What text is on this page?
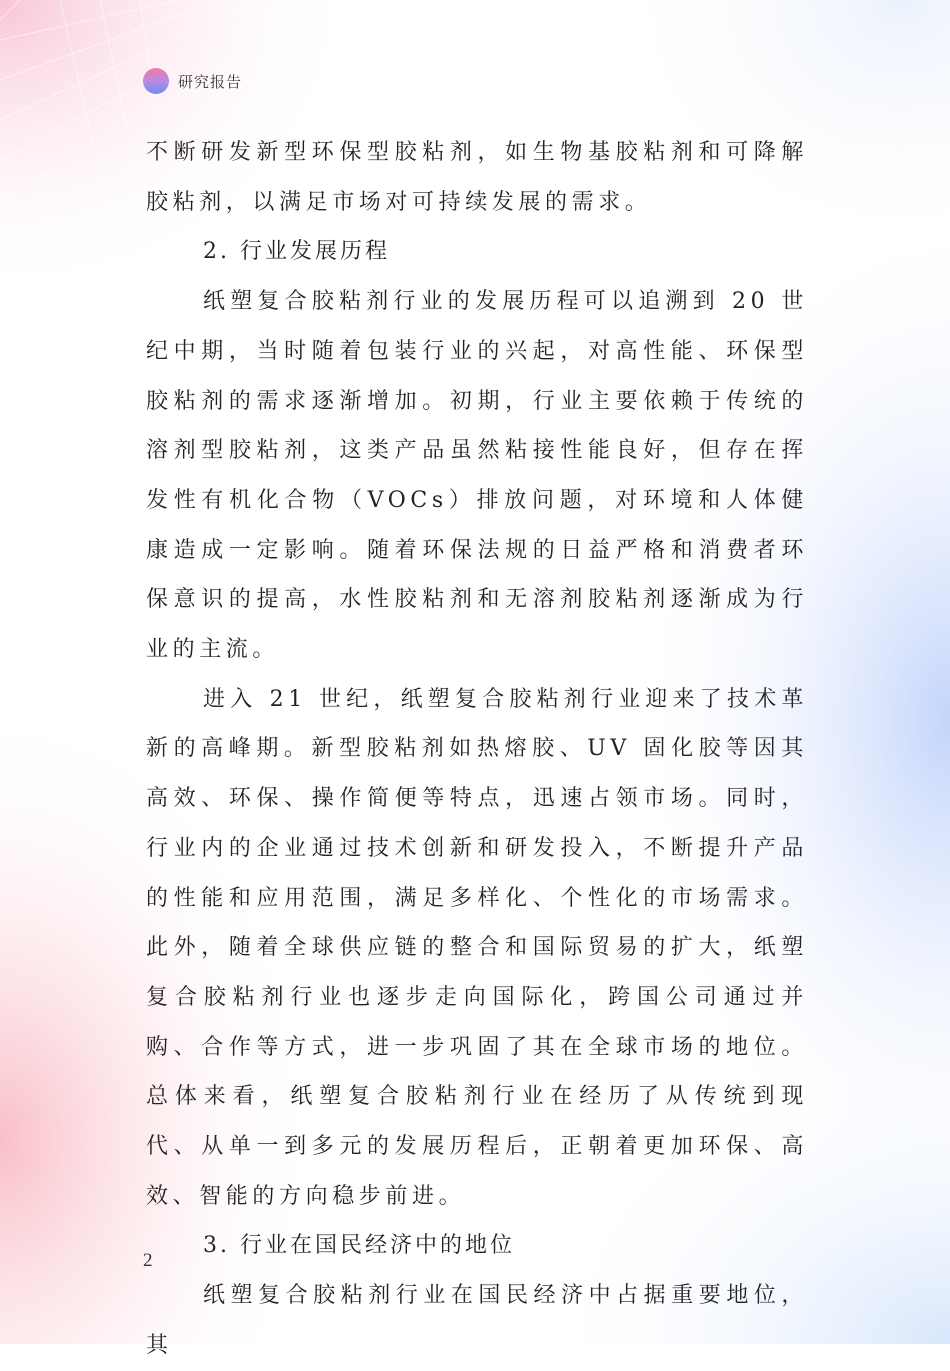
研究报告

不断研发新型环保型胶粘剂，如生物基胶粘剂和可降解胶粘剂，以满足市场对可持续发展的需求。

2. 行业发展历程

纸塑复合胶粘剂行业的发展历程可以追溯到 20 世纪中期，当时随着包装行业的兴起，对高性能、环保型胶粘剂的需求逐渐增加。初期，行业主要依赖于传统的溶剂型胶粘剂，这类产品虽然粘接性能良好，但存在挥发性有机化合物（VOCs）排放问题，对环境和人体健康造成一定影响。随着环保法规的日益严格和消费者环保意识的提高，水性胶粘剂和无溶剂胶粘剂逐渐成为行业的主流。

进入 21 世纪，纸塑复合胶粘剂行业迎来了技术革新的高峰期。新型胶粘剂如热熔胶、UV 固化胶等因其高效、环保、操作简便等特点，迅速占领市场。同时，行业内的企业通过技术创新和研发投入，不断提升产品的性能和应用范围，满足多样化、个性化的市场需求。此外，随着全球供应链的整合和国际贸易的扩大，纸塑复合胶粘剂行业也逐步走向国际化，跨国公司通过并购、合作等方式，进一步巩固了其在全球市场的地位。总体来看，纸塑复合胶粘剂行业在经历了从传统到现代、从单一到多元的发展历程后，正朝着更加环保、高效、智能的方向稳步前进。

3. 行业在国民经济中的地位

纸塑复合胶粘剂行业在国民经济中占据重要地位，其

2
